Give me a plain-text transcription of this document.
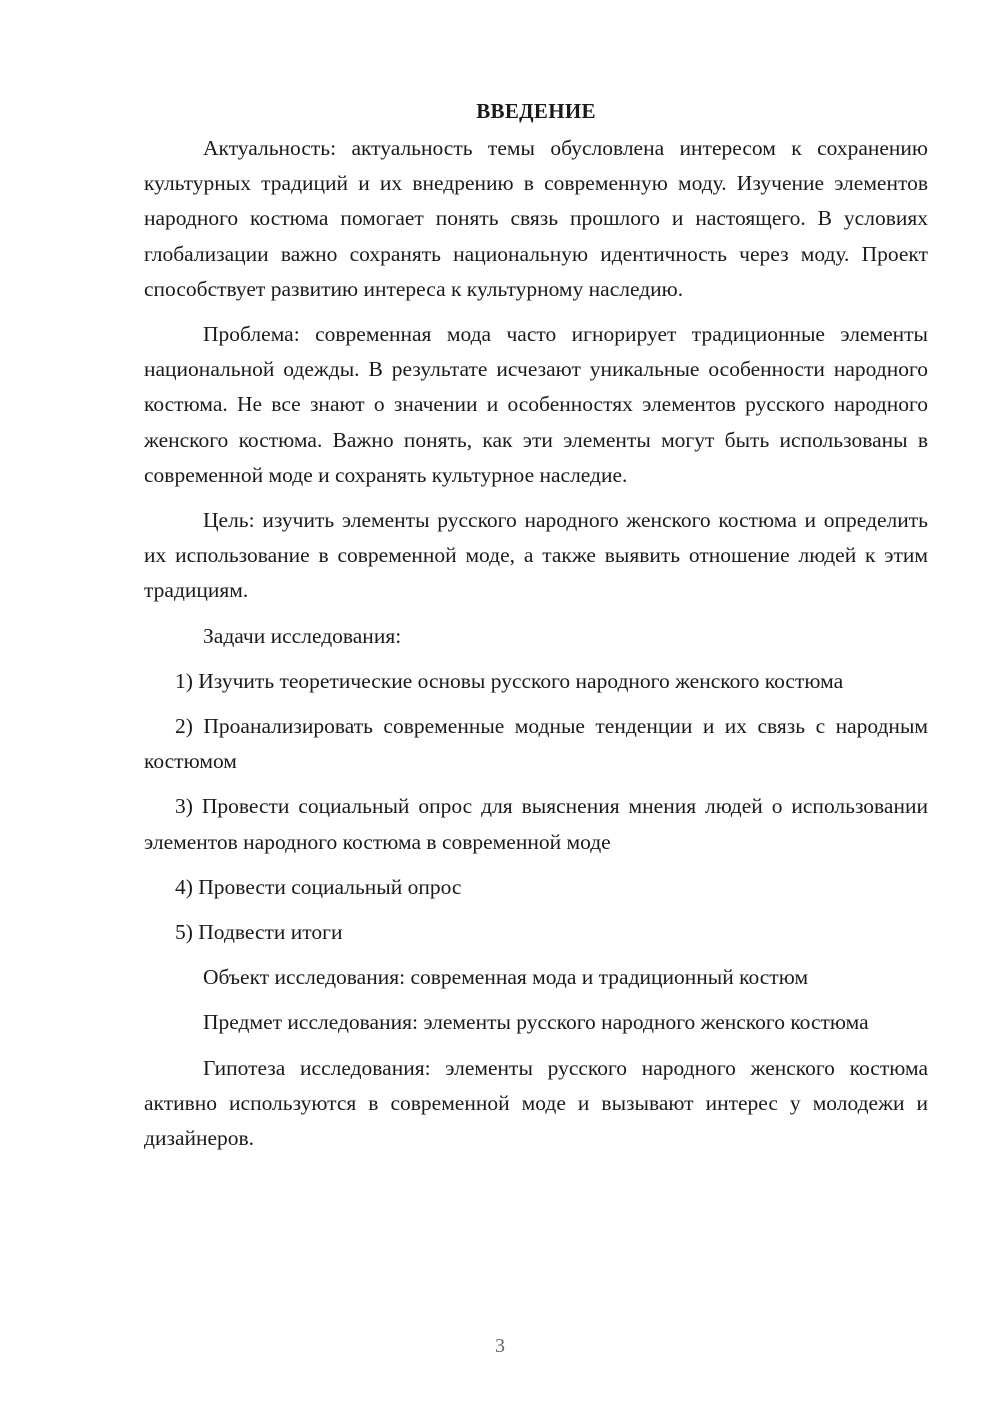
ВВЕДЕНИЕ

Актуальность: актуальность темы обусловлена интересом к сохранению культурных традиций и их внедрению в современную моду. Изучение элементов народного костюма помогает понять связь прошлого и настоящего. В условиях глобализации важно сохранять национальную идентичность через моду. Проект способствует развитию интереса к культурному наследию.

Проблема: современная мода часто игнорирует традиционные элементы национальной одежды. В результате исчезают уникальные особенности народного костюма. Не все знают о значении и особенностях элементов русского народного женского костюма. Важно понять, как эти элементы могут быть использованы в современной моде и сохранять культурное наследие.

Цель: изучить элементы русского народного женского костюма и определить их использование в современной моде, а также выявить отношение людей к этим традициям.

Задачи исследования:

1) Изучить теоретические основы русского народного женского костюма

2) Проанализировать современные модные тенденции и их связь с народным костюмом

3) Провести социальный опрос для выяснения мнения людей о использовании элементов народного костюма в современной моде

4) Провести социальный опрос

5) Подвести итоги

Объект исследования: современная мода и традиционный костюм

Предмет исследования: элементы русского народного женского костюма

Гипотеза исследования: элементы русского народного женского костюма активно используются в современной моде и вызывают интерес у молодежи и дизайнеров.

3
